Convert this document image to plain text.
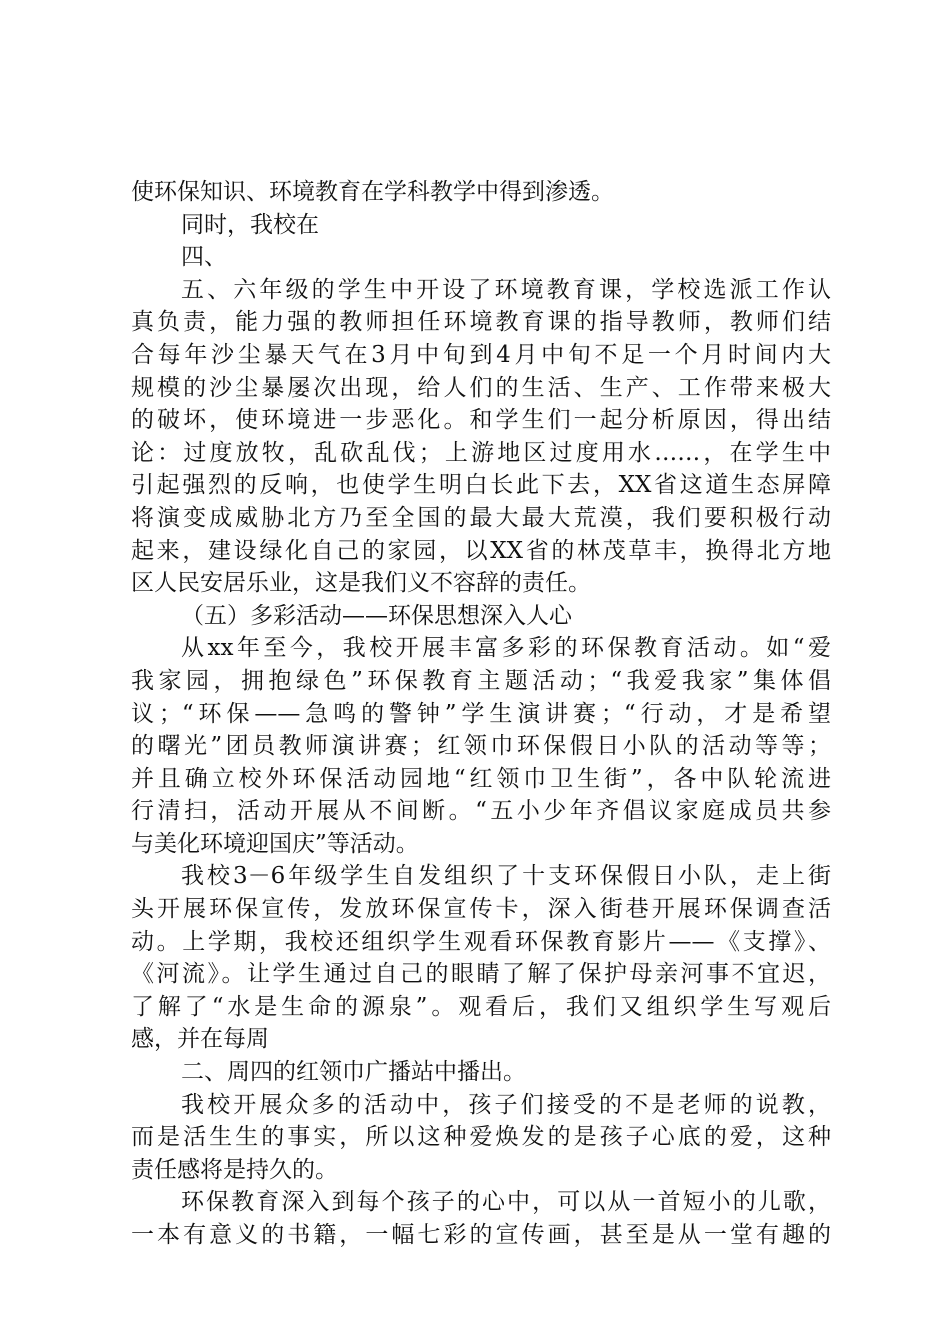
使环保知识、环境教育在学科教学中得到渗透。
同时，我校在
四、
五、六年级的学生中开设了环境教育课，学校选派工作认
真负责，能力强的教师担任环境教育课的指导教师，教师们结
合每年沙尘暴天气在3月中旬到4月中旬不足一个月时间内大
规模的沙尘暴屡次出现，给人们的生活、生产、工作带来极大
的破坏，使环境进一步恶化。和学生们一起分析原因，得出结
论：过度放牧，乱砍乱伐；上游地区过度用水……，在学生中
引起强烈的反响，也使学生明白长此下去，XX省这道生态屏障
将演变成威胁北方乃至全国的最大最大荒漠，我们要积极行动
起来，建设绿化自己的家园，以XX省的林茂草丰，换得北方地
区人民安居乐业，这是我们义不容辞的责任。
（五）多彩活动——环保思想深入人心
从xx年至今，我校开展丰富多彩的环保教育活动。如“爱
我家园，拥抱绿色”环保教育主题活动；“我爱我家”集体倡
议；“环保——急鸣的警钟”学生演讲赛；“行动，才是希望
的曙光”团员教师演讲赛；红领巾环保假日小队的活动等等；
并且确立校外环保活动园地“红领巾卫生街”，各中队轮流进
行清扫，活动开展从不间断。“五小少年齐倡议家庭成员共参
与美化环境迎国庆”等活动。
我校3－6年级学生自发组织了十支环保假日小队，走上街
头开展环保宣传，发放环保宣传卡，深入街巷开展环保调查活
动。上学期，我校还组织学生观看环保教育影片——《支撑》、
《河流》。让学生通过自己的眼睛了解了保护母亲河事不宜迟，
了解了“水是生命的源泉”。观看后，我们又组织学生写观后
感，并在每周
二、周四的红领巾广播站中播出。
我校开展众多的活动中，孩子们接受的不是老师的说教，
而是活生生的事实，所以这种爱焕发的是孩子心底的爱，这种
责任感将是持久的。
环保教育深入到每个孩子的心中，可以从一首短小的儿歌，
一本有意义的书籍，一幅七彩的宣传画，甚至是从一堂有趣的
